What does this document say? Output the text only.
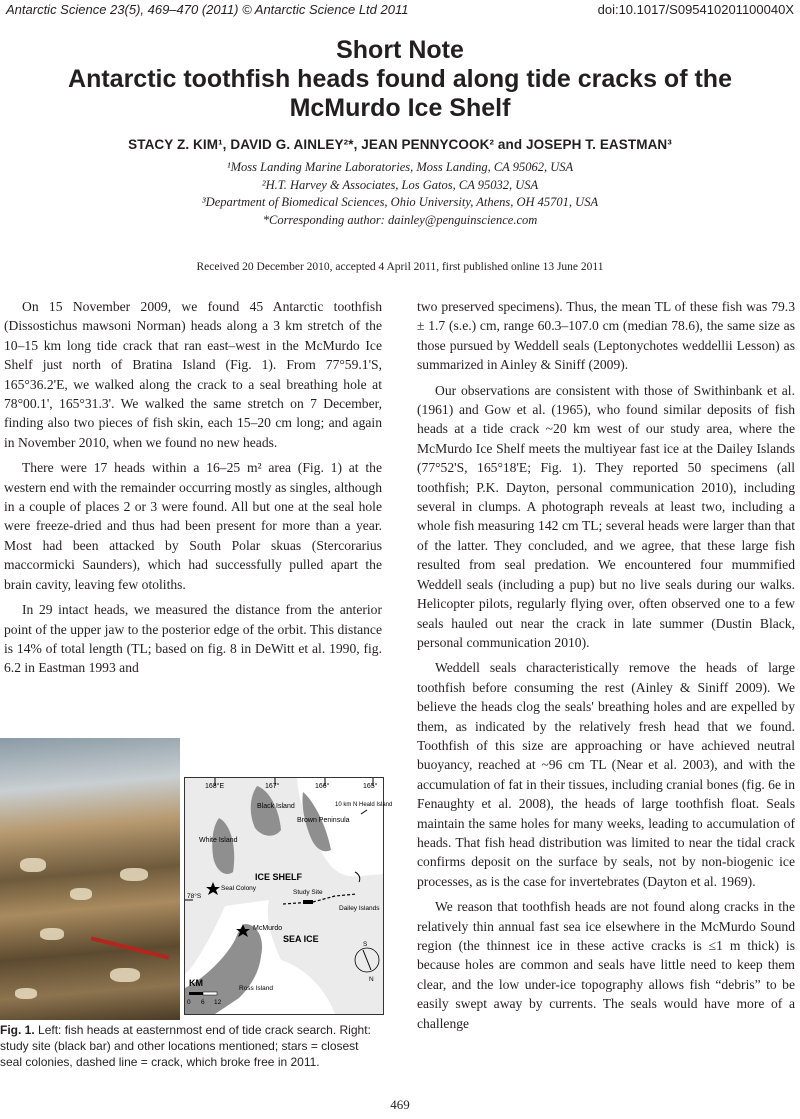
Antarctic Science 23(5), 469–470 (2011) © Antarctic Science Ltd 2011	doi:10.1017/S095410201100040X
Short Note
Antarctic toothfish heads found along tide cracks of the
McMurdo Ice Shelf
STACY Z. KIM¹, DAVID G. AINLEY²*, JEAN PENNYCOOK² and JOSEPH T. EASTMAN³
¹Moss Landing Marine Laboratories, Moss Landing, CA 95062, USA
²H.T. Harvey & Associates, Los Gatos, CA 95032, USA
³Department of Biomedical Sciences, Ohio University, Athens, OH 45701, USA
*Corresponding author: dainley@penguinscience.com
Received 20 December 2010, accepted 4 April 2011, first published online 13 June 2011

On 15 November 2009, we found 45 Antarctic toothfish (Dissostichus mawsoni Norman) heads along a 3 km stretch of the 10–15 km long tide crack that ran east–west in the McMurdo Ice Shelf just north of Bratina Island (Fig. 1). From 77°59.1'S, 165°36.2'E, we walked along the crack to a seal breathing hole at 78°00.1', 165°31.3'. We walked the same stretch on 7 December, finding also two pieces of fish skin, each 15–20 cm long; and again in November 2010, when we found no new heads.

There were 17 heads within a 16–25 m² area (Fig. 1) at the western end with the remainder occurring mostly as singles, although in a couple of places 2 or 3 were found. All but one at the seal hole were freeze-dried and thus had been present for more than a year. Most had been attacked by South Polar skuas (Stercorarius maccormicki Saunders), which had successfully pulled apart the brain cavity, leaving few otoliths.

In 29 intact heads, we measured the distance from the anterior point of the upper jaw to the posterior edge of the orbit. This distance is 14% of total length (TL; based on fig. 8 in DeWitt et al. 1990, fig. 6.2 in Eastman 1993 and

two preserved specimens). Thus, the mean TL of these fish was 79.3 ± 1.7 (s.e.) cm, range 60.3–107.0 cm (median 78.6), the same size as those pursued by Weddell seals (Leptonychotes weddellii Lesson) as summarized in Ainley & Siniff (2009).

Our observations are consistent with those of Swithinbank et al. (1961) and Gow et al. (1965), who found similar deposits of fish heads at a tide crack ~20 km west of our study area, where the McMurdo Ice Shelf meets the multiyear fast ice at the Dailey Islands (77°52'S, 165°18'E; Fig. 1). They reported 50 specimens (all toothfish; P.K. Dayton, personal communication 2010), including several in clumps. A photograph reveals at least two, including a whole fish measuring 142 cm TL; several heads were larger than that of the latter. They concluded, and we agree, that these large fish resulted from seal predation. We encountered four mummified Weddell seals (including a pup) but no live seals during our walks. Helicopter pilots, regularly flying over, often observed one to a few seals hauled out near the crack in late summer (Dustin Black, personal communication 2010).

Weddell seals characteristically remove the heads of large toothfish before consuming the rest (Ainley & Siniff 2009). We believe the heads clog the seals' breathing holes and are expelled by them, as indicated by the relatively fresh head that we found. Toothfish of this size are approaching or have achieved neutral buoyancy, reached at ~96 cm TL (Near et al. 2003), and with the accumulation of fat in their tissues, including cranial bones (fig. 6e in Fenaughty et al. 2008), the heads of large toothfish float. Seals maintain the same holes for many weeks, leading to accumulation of heads. That fish head distribution was limited to near the tidal crack confirms deposit on the surface by seals, not by non-biogenic ice processes, as is the case for invertebrates (Dayton et al. 1969).

We reason that toothfish heads are not found along cracks in the relatively thin annual fast sea ice elsewhere in the McMurdo Sound region (the thinnest ice in these active cracks is ≤1 m thick) is because holes are common and seals have little need to keep them clear, and the low under-ice topography allows fish “debris” to be easily swept away by currents. The seals would have more of a challenge

168°E	167°	166°	165°
Black Island
Brown Peninsula
White Island
10 km N Heald Island
ICE SHELF
Seal Colony
Study Site
Dailey Islands
McMurdo
SEA ICE
78°S
Ross Island
KM
0 6 12
S
N
Fig. 1. Left: fish heads at easternmost end of tide crack search. Right: study site (black bar) and other locations mentioned; stars = closest seal colonies, dashed line = crack, which broke free in 2011.
469
